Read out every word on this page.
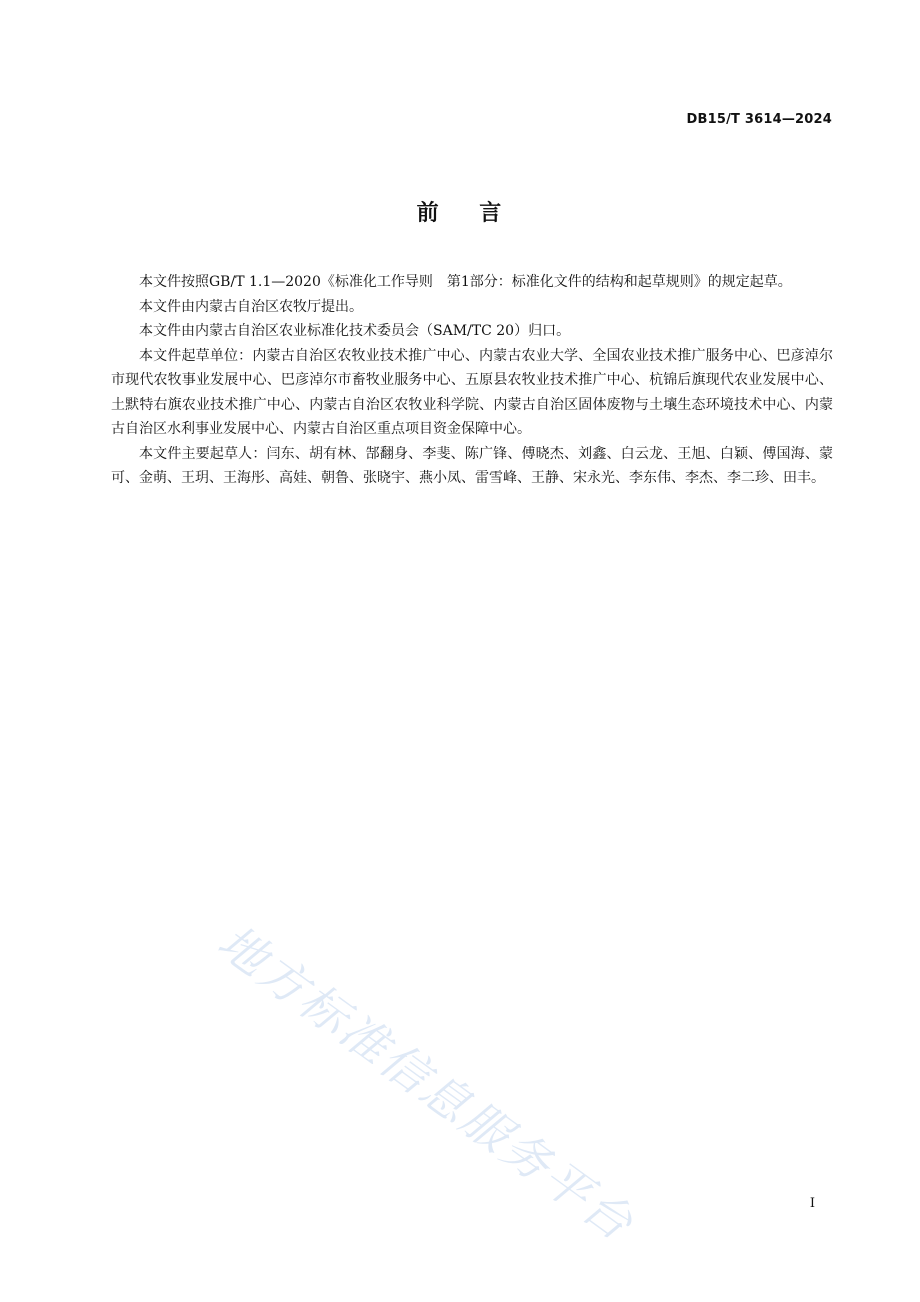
DB15/T 3614—2024
前    言

本文件按照GB/T 1.1—2020《标准化工作导则　第1部分：标准化文件的结构和起草规则》的规定起草。

本文件由内蒙古自治区农牧厅提出。

本文件由内蒙古自治区农业标准化技术委员会（SAM/TC 20）归口。

本文件起草单位：内蒙古自治区农牧业技术推广中心、内蒙古农业大学、全国农业技术推广服务中心、巴彦淖尔市现代农牧事业发展中心、巴彦淖尔市畜牧业服务中心、五原县农牧业技术推广中心、杭锦后旗现代农业发展中心、土默特右旗农业技术推广中心、内蒙古自治区农牧业科学院、内蒙古自治区固体废物与土壤生态环境技术中心、内蒙古自治区水利事业发展中心、内蒙古自治区重点项目资金保障中心。

本文件主要起草人：闫东、胡有林、郜翻身、李斐、陈广锋、傅晓杰、刘鑫、白云龙、王旭、白颖、傅国海、蒙可、金萌、王玥、王海彤、高娃、朝鲁、张晓宇、燕小凤、雷雪峰、王静、宋永光、李东伟、李杰、李二珍、田丰。

地方标准信息服务平台	I
